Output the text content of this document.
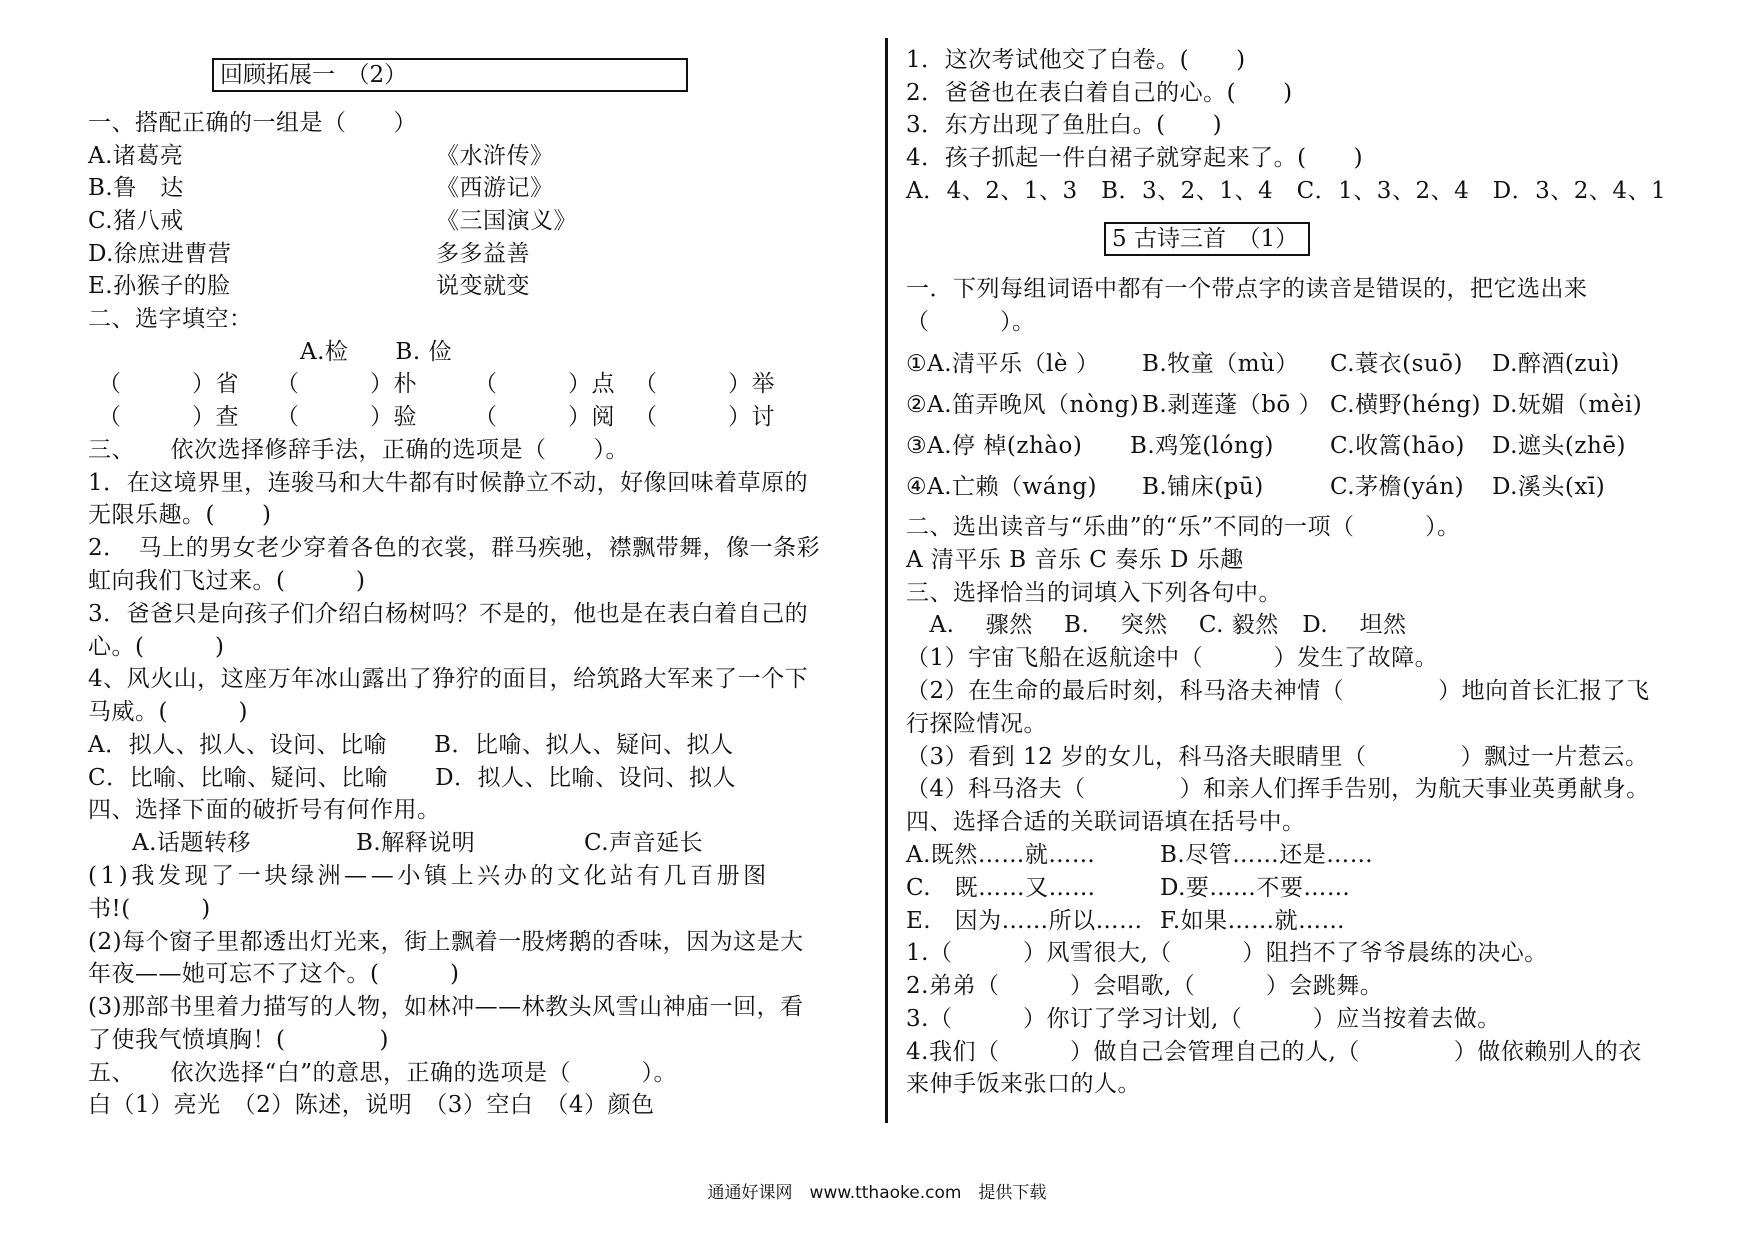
回顾拓展一　（2）
一、搭配正确的一组是（　　）
A.诸葛亮	《水浒传》
B.鲁　达	《西游记》
C.猪八戒	《三国演义》
D.徐庶进曹营	多多益善
E.孙猴子的脸	说变就变
二、选字填空：
A.检　　B. 俭
（　　　）省 （　　　）朴 （　　　）点 （　　　）举
（　　　）查 （　　　）验 （　　　）阅 （　　　）讨
三、　　依次选择修辞手法，正确的选项是（　　）。
1．在这境界里，连骏马和大牛都有时候静立不动，好像回味着草原的
无限乐趣。(　　)
2．　马上的男女老少穿着各色的衣裳，群马疾驰，襟飘带舞，像一条彩
虹向我们飞过来。(　　　)
3．爸爸只是向孩子们介绍白杨树吗？不是的，他也是在表白着自己的
心。(　　　)
4、风火山，这座万年冰山露出了狰狞的面目，给筑路大军来了一个下
马威。(　　　)
A．拟人、拟人、设问、比喻　　B．比喻、拟人、疑问、拟人
C．比喻、比喻、疑问、比喻　　D．拟人、比喻、设问、拟人
四、选择下面的破折号有何作用。
A.话题转移	B.解释说明	C.声音延长
(1)我发现了一块绿洲——小镇上兴办的文化站有几百册图
书!(　　　)
(2)每个窗子里都透出灯光来，街上飘着一股烤鹅的香味，因为这是大
年夜——她可忘不了这个。(　　　)
(3)那部书里着力描写的人物，如林冲——林教头风雪山神庙一回，看
了使我气愤填胸！(　　　　)
五、　　依次选择“白”的意思，正确的选项是（　　　）。
白（1）亮光　（2）陈述，说明　（3）空白　（4）颜色
1．这次考试他交了白卷。(　　)
2．爸爸也在表白着自己的心。(　　)
3．东方出现了鱼肚白。(　　)
4．孩子抓起一件白裙子就穿起来了。(　　)
A．4、2、1、3　B．3、2、1、4　C．1、3、2、4　D．3、2、4、1
5 古诗三首　（1）
一．下列每组词语中都有一个带点字的读音是错误的，把它选出来
（　　　）。
①A.清平乐（lè ） B.牧童（mù） C.蓑衣(suō) D.醉酒(zuì)
②A.笛弄晚风（nòng) B.剥莲蓬（bō ） C.横野(héng) D.妩媚（mèi)
③A.停 棹(zhào) B.鸡笼(lóng) C.收篙(hāo) D.遮头(zhē)
④A.亡赖（wáng) B.铺床(pū)	C.茅檐(yán) D.溪头(xī)
二、选出读音与“乐曲”的“乐”不同的一项（　　　）。
A 清平乐 B 音乐 C 奏乐 D 乐趣
三、选择恰当的词填入下列各句中。
　A.　 骤然　 B.　 突然　 C. 毅然　D.　 坦然
（1）宇宙飞船在返航途中（　　　）发生了故障。
（2）在生命的最后时刻，科马洛夫神情（　　　　）地向首长汇报了飞
行探险情况。
（3）看到 12 岁的女儿，科马洛夫眼睛里（　　　　）飘过一片惹云。
（4）科马洛夫（　　　　）和亲人们挥手告别，为航天事业英勇献身。
四、选择合适的关联词语填在括号中。
A.既然……就……	B.尽管……还是……
C.　既……又……	D.要……不要……
E.　因为……所以…… F.如果……就……
1.（　　　）风雪很大,（　　　）阻挡不了爷爷晨练的决心。
2.弟弟（　　　）会唱歌,（　　　）会跳舞。
3.（　　　）你订了学习计划,（　　　）应当按着去做。
4.我们（　　　）做自己会管理自己的人,（　　　　）做依赖别人的衣
来伸手饭来张口的人。
通通好课网　www.tthaoke.com　提供下载
